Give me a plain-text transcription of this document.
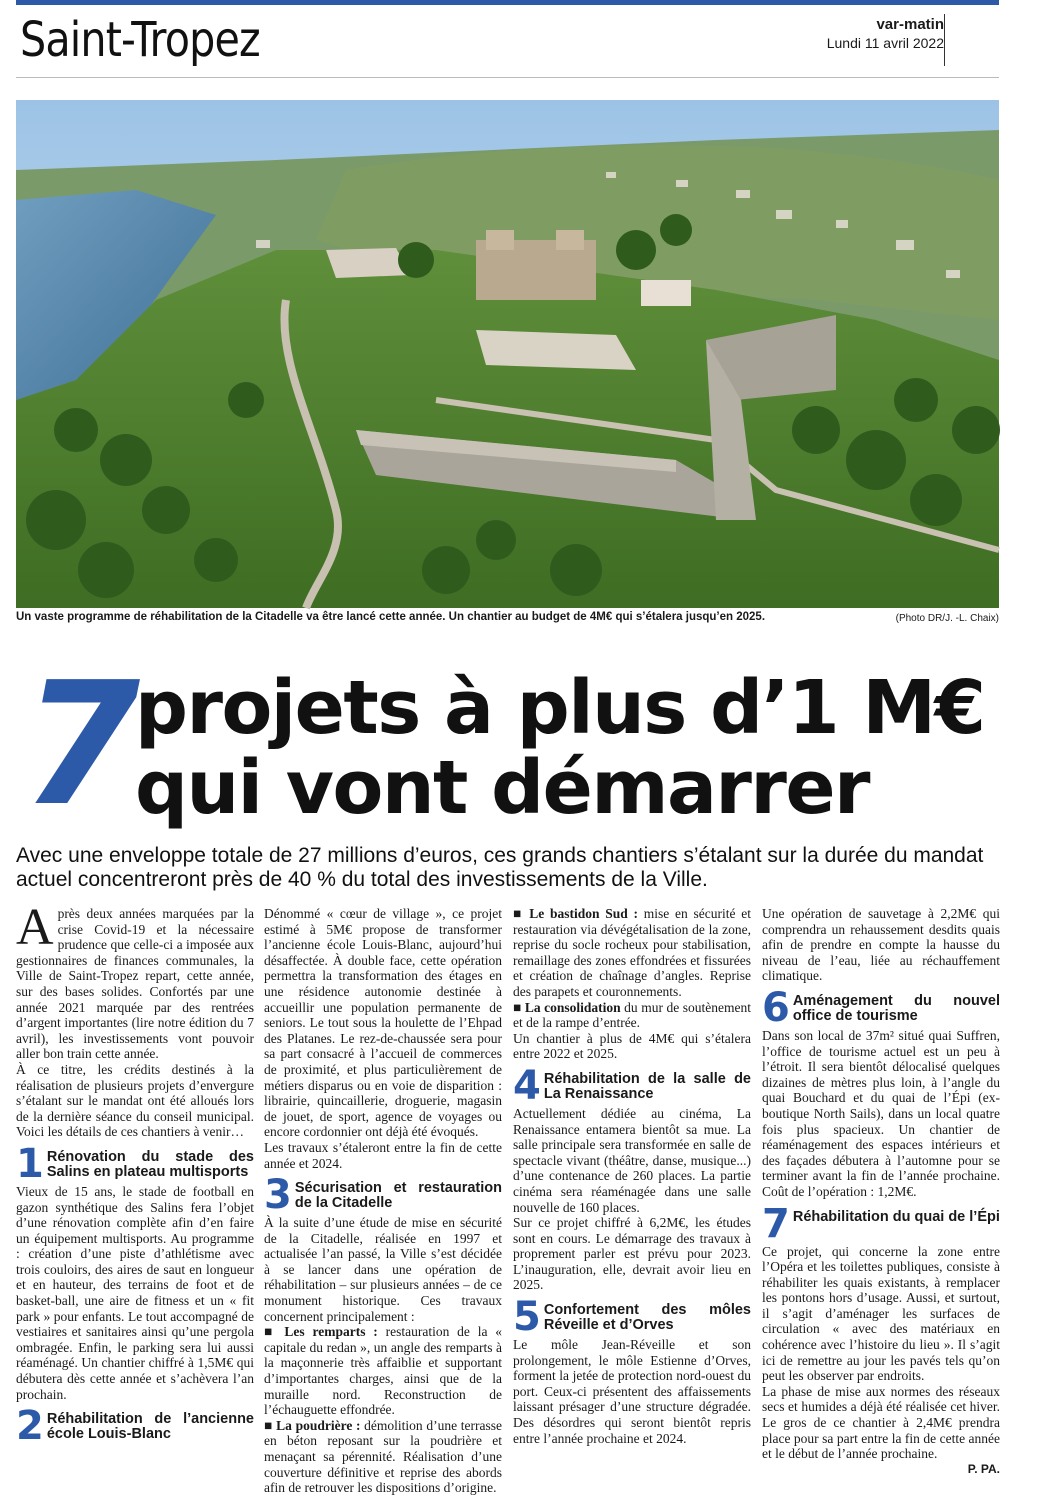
Saint-Tropez	var-matin
Lundi 11 avril 2022
Un vaste programme de réhabilitation de la Citadelle va être lancé cette année. Un chantier au budget de 4M€ qui s’étalera jusqu’en 2025.	(Photo DR/J. -L. Chaix)
7
projets à plus d’1 M€
qui vont démarrer
Avec une enveloppe totale de 27 millions d’euros, ces grands chantiers s’étalant sur la durée du mandat actuel concentreront près de 40 % du total des investissements de la Ville.

Après deux années marquées par la crise Covid-19 et la nécessaire prudence que celle-ci a imposée aux gestionnaires de finances communales, la Ville de Saint-Tropez repart, cette année, sur des bases solides. Confortés par une année 2021 marquée par des rentrées d’argent importantes (lire notre édition du 7 avril), les investissements vont pouvoir aller bon train cette année.

À ce titre, les crédits destinés à la réalisation de plusieurs projets d’envergure s’étalant sur le mandat ont été alloués lors de la dernière séance du conseil municipal. Voici les détails de ces chantiers à venir…

1 Rénovation du stade des Salins en plateau multisports

Vieux de 15 ans, le stade de football en gazon synthétique des Salins fera l’objet d’une rénovation complète afin d’en faire un équipement multisports. Au programme : création d’une piste d’athlétisme avec trois couloirs, des aires de saut en longueur et en hauteur, des terrains de foot et de basket-ball, une aire de fitness et un « fit park » pour enfants. Le tout accompagné de vestiaires et sanitaires ainsi qu’une pergola ombragée. Enfin, le parking sera lui aussi réaménagé. Un chantier chiffré à 1,5M€ qui débutera dès cette année et s’achèvera l’an prochain.

2 Réhabilitation de l’ancienne école Louis-Blanc

Dénommé « cœur de village », ce projet estimé à 5M€ propose de transformer l’ancienne école Louis-Blanc, aujourd’hui désaffectée. À double face, cette opération permettra la transformation des étages en une résidence autonomie destinée à accueillir une population permanente de seniors. Le tout sous la houlette de l’Ehpad des Platanes. Le rez-de-chaussée sera pour sa part consacré à l’accueil de commerces de proximité, et plus particulièrement de métiers disparus ou en voie de disparition : librairie, quincaillerie, droguerie, magasin de jouet, de sport, agence de voyages ou encore cordonnier ont déjà été évoqués.

Les travaux s’étaleront entre la fin de cette année et 2024.

3 Sécurisation et restauration de la Citadelle

À la suite d’une étude de mise en sécurité de la Citadelle, réalisée en 1997 et actualisée l’an passé, la Ville s’est décidée à se lancer dans une opération de réhabilitation – sur plusieurs années – de ce monument historique. Ces travaux concernent principalement :

■ Les remparts : restauration de la « capitale du redan », un angle des remparts à la maçonnerie très affaiblie et supportant d’importantes charges, ainsi que de la muraille nord. Reconstruction de l’échauguette effondrée.

■ La poudrière : démolition d’une terrasse en béton reposant sur la poudrière et menaçant sa pérennité. Réalisation d’une couverture définitive et reprise des abords afin de retrouver les dispositions d’origine.

■ Le bastidon Sud : mise en sécurité et restauration via dévégétalisation de la zone, reprise du socle rocheux pour stabilisation, remaillage des zones effondrées et fissurées et création de chaînage d’angles. Reprise des parapets et couronnements.

■ La consolidation du mur de soutènement et de la rampe d’entrée.

Un chantier à plus de 4M€ qui s’étalera entre 2022 et 2025.

4 Réhabilitation de la salle de La Renaissance

Actuellement dédiée au cinéma, La Renaissance entamera bientôt sa mue. La salle principale sera transformée en salle de spectacle vivant (théâtre, danse, musique...) d’une contenance de 260 places. La partie cinéma sera réaménagée dans une salle nouvelle de 160 places.

Sur ce projet chiffré à 6,2M€, les études sont en cours. Le démarrage des travaux à proprement parler est prévu pour 2023. L’inauguration, elle, devrait avoir lieu en 2025.

5 Confortement des môles Réveille et d’Orves

Le môle Jean-Réveille et son prolongement, le môle Estienne d’Orves, forment la jetée de protection nord-ouest du port. Ceux-ci présentent des affaissements laissant présager d’une structure dégradée. Des désordres qui seront bientôt repris entre l’année prochaine et 2024.

Une opération de sauvetage à 2,2M€ qui comprendra un rehaussement desdits quais afin de prendre en compte la hausse du niveau de l’eau, liée au réchauffement climatique.

6 Aménagement du nouvel office de tourisme

Dans son local de 37m² situé quai Suffren, l’office de tourisme actuel est un peu à l’étroit. Il sera bientôt délocalisé quelques dizaines de mètres plus loin, à l’angle du quai Bouchard et du quai de l’Épi (ex-boutique North Sails), dans un local quatre fois plus spacieux. Un chantier de réaménagement des espaces intérieurs et des façades débutera à l’automne pour se terminer avant la fin de l’année prochaine. Coût de l’opération : 1,2M€.

7 Réhabilitation du quai de l’Épi

Ce projet, qui concerne la zone entre l’Opéra et les toilettes publiques, consiste à réhabiliter les quais existants, à remplacer les pontons hors d’usage. Aussi, et surtout, il s’agit d’aménager les surfaces de circulation « avec des matériaux en cohérence avec l’histoire du lieu ». Il s’agit ici de remettre au jour les pavés tels qu’on peut les observer par endroits.

La phase de mise aux normes des réseaux secs et humides a déjà été réalisée cet hiver. Le gros de ce chantier à 2,4M€ prendra place pour sa part entre la fin de cette année et le début de l’année prochaine.

P. PA.
